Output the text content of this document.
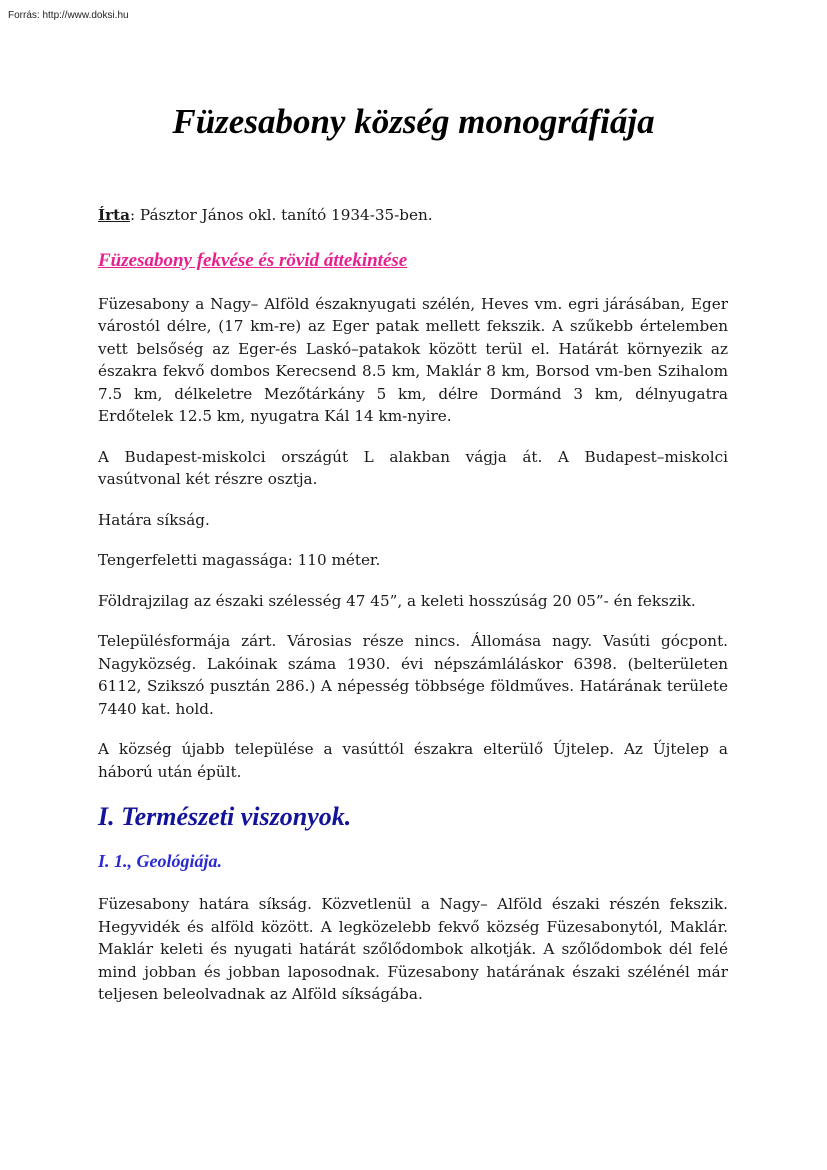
Forrás: http://www.doksi.hu
Füzesabony község monográfiája

Írta: Pásztor János okl. tanító 1934-35-ben.

Füzesabony fekvése és rövid áttekintése

Füzesabony a Nagy– Alföld északnyugati szélén, Heves vm. egri járásában, Eger várostól délre, (17 km-re) az Eger patak mellett fekszik. A szűkebb értelemben vett belsőség az Eger-és Laskó–patakok között terül el. Határát környezik az északra fekvő dombos Kerecsend 8.5 km, Maklár 8 km, Borsod vm-ben Szihalom 7.5 km, délkeletre Mezőtárkány 5 km, délre Dormánd 3 km, délnyugatra Erdőtelek 12.5 km, nyugatra Kál 14 km-nyire.

A Budapest-miskolci országút L alakban vágja át. A Budapest–miskolci vasútvonal két részre osztja.

Határa síkság.

Tengerfeletti magassága: 110 méter.

Földrajzilag az északi szélesség 47 45”, a keleti hosszúság 20 05”- én fekszik.

Településformája zárt. Városias része nincs. Állomása nagy. Vasúti gócpont. Nagyközség. Lakóinak száma 1930. évi népszámláláskor 6398. (belterületen 6112, Szikszó pusztán 286.) A népesség többsége földműves. Határának területe 7440 kat. hold.

A község újabb települése a vasúttól északra elterülő Újtelep. Az Újtelep a háború után épült.

I. Természeti viszonyok.
I. 1., Geológiája.

Füzesabony határa síkság. Közvetlenül a Nagy– Alföld északi részén fekszik. Hegyvidék és alföld között. A legközelebb fekvő község Füzesabonytól, Maklár. Maklár keleti és nyugati határát szőlődombok alkotják. A szőlődombok dél felé mind jobban és jobban laposodnak. Füzesabony határának északi szélénél már teljesen beleolvadnak az Alföld síkságába.
